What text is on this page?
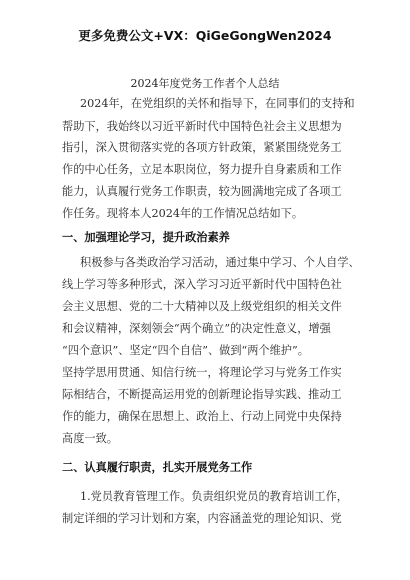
更多免费公文+VX：QiGeGongWen2024
2024年度党务工作者个人总结
2024年，在党组织的关怀和指导下，在同事们的支持和
帮助下，我始终以习近平新时代中国特色社会主义思想为
指引，深入贯彻落实党的各项方针政策，紧紧围绕党务工
作的中心任务，立足本职岗位，努力提升自身素质和工作
能力，认真履行党务工作职责，较为圆满地完成了各项工
作任务。现将本人2024年的工作情况总结如下。
一、加强理论学习，提升政治素养
积极参与各类政治学习活动，通过集中学习、个人自学、
线上学习等多种形式，深入学习习近平新时代中国特色社
会主义思想、党的二十大精神以及上级党组织的相关文件
和会议精神，深刻领会“两个确立”的决定性意义，增强
“四个意识”、坚定“四个自信”、做到“两个维护”。
坚持学思用贯通、知信行统一，将理论学习与党务工作实
际相结合，不断提高运用党的创新理论指导实践、推动工
作的能力，确保在思想上、政治上、行动上同党中央保持
高度一致。
二、认真履行职责，扎实开展党务工作
1.党员教育管理工作。负责组织党员的教育培训工作，
制定详细的学习计划和方案，内容涵盖党的理论知识、党
